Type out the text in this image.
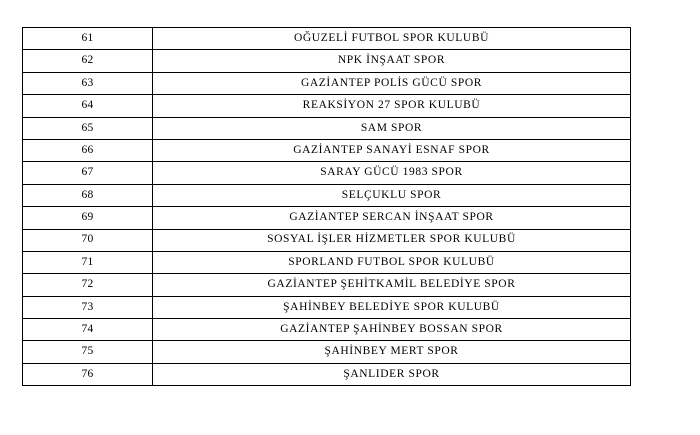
61	OĞUZELİ FUTBOL SPOR KULUBÜ
62	NPK İNŞAAT SPOR
63	GAZİANTEP POLİS GÜCÜ SPOR
64	REAKSİYON 27 SPOR KULUBÜ
65	SAM SPOR
66	GAZİANTEP SANAYİ ESNAF SPOR
67	SARAY GÜCÜ 1983 SPOR
68	SELÇUKLU SPOR
69	GAZİANTEP SERCAN İNŞAAT SPOR
70	SOSYAL İŞLER HİZMETLER SPOR KULUBÜ
71	SPORLAND FUTBOL SPOR KULUBÜ
72	GAZİANTEP ŞEHİTKAMİL BELEDİYE SPOR
73	ŞAHİNBEY BELEDİYE SPOR KULUBÜ
74	GAZİANTEP ŞAHİNBEY BOSSAN SPOR
75	ŞAHİNBEY MERT SPOR
76	ŞANLIDER SPOR
